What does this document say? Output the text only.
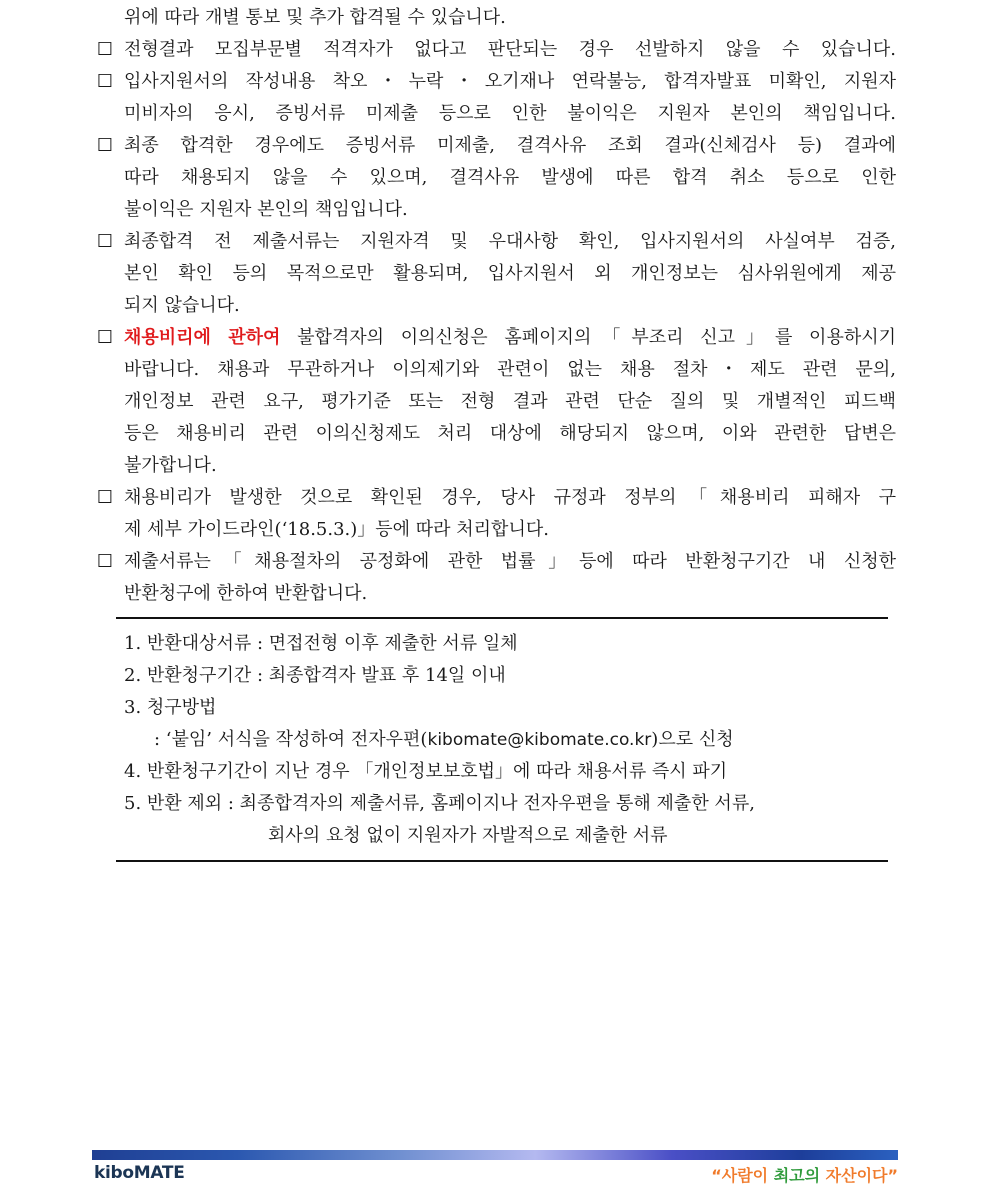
위에 따라 개별 통보 및 추가 합격될 수 있습니다.
☐ 전형결과 모집부문별 적격자가 없다고 판단되는 경우 선발하지 않을 수 있습니다.
☐ 입사지원서의 작성내용 착오・누락・오기재나 연락불능, 합격자발표 미확인, 지원자
미비자의 응시, 증빙서류 미제출 등으로 인한 불이익은 지원자 본인의 책임입니다.
☐ 최종 합격한 경우에도 증빙서류 미제출, 결격사유 조회 결과(신체검사 등) 결과에
따라 채용되지 않을 수 있으며, 결격사유 발생에 따른 합격 취소 등으로 인한
불이익은 지원자 본인의 책임입니다.
☐ 최종합격 전 제출서류는 지원자격 및 우대사항 확인, 입사지원서의 사실여부 검증,
본인 확인 등의 목적으로만 활용되며, 입사지원서 외 개인정보는 심사위원에게 제공
되지 않습니다.
☐ 채용비리에 관하여 불합격자의 이의신청은 홈페이지의「부조리 신고」를 이용하시기
바랍니다. 채용과 무관하거나 이의제기와 관련이 없는 채용 절차・제도 관련 문의,
개인정보 관련 요구, 평가기준 또는 전형 결과 관련 단순 질의 및 개별적인 피드백
등은 채용비리 관련 이의신청제도 처리 대상에 해당되지 않으며, 이와 관련한 답변은
불가합니다.
☐ 채용비리가 발생한 것으로 확인된 경우, 당사 규정과 정부의「채용비리 피해자 구
제 세부 가이드라인(‘18.5.3.)」등에 따라 처리합니다.
☐ 제출서류는「채용절차의 공정화에 관한 법률」등에 따라 반환청구기간 내 신청한
반환청구에 한하여 반환합니다.
1. 반환대상서류 : 면접전형 이후 제출한 서류 일체
2. 반환청구기간 : 최종합격자 발표 후 14일 이내
3. 청구방법
: ‘붙임’ 서식을 작성하여 전자우편(kibomate@kibomate.co.kr)으로 신청
4. 반환청구기간이 지난 경우 「개인정보보호법」에 따라 채용서류 즉시 파기
5. 반환 제외 : 최종합격자의 제출서류, 홈페이지나 전자우편을 통해 제출한 서류,
회사의 요청 없이 지원자가 자발적으로 제출한 서류
kiboMATE	“사람이 최고의 자산이다”
